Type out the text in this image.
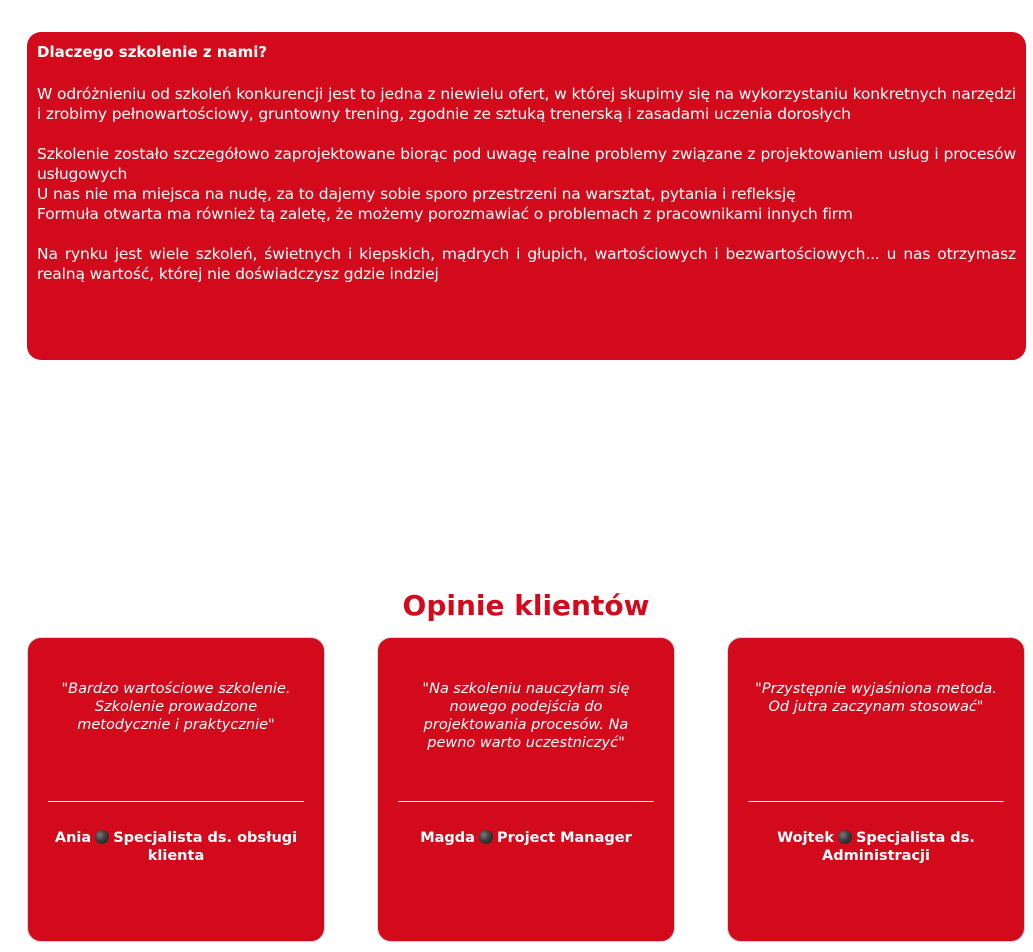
Dlaczego szkolenie z nami?

W odróżnieniu od szkoleń konkurencji jest to jedna z niewielu ofert, w której skupimy się na wykorzystaniu konkretnych narzędzi i zrobimy pełnowartościowy, gruntowny trening, zgodnie ze sztuką trenerską i zasadami uczenia dorosłych

Szkolenie zostało szczegółowo zaprojektowane biorąc pod uwagę realne problemy związane z projektowaniem usług i procesów usługowych

U nas nie ma miejsca na nudę, za to dajemy sobie sporo przestrzeni na warsztat, pytania i refleksję

Formuła otwarta ma również tą zaletę, że możemy porozmawiać o problemach z pracownikami innych firm

Na rynku jest wiele szkoleń, świetnych i kiepskich, mądrych i głupich, wartościowych i bezwartościowych... u nas otrzymasz realną wartość, której nie doświadczysz gdzie indziej

Opinie klientów
"Bardzo wartościowe szkolenie. Szkolenie prowadzone metodycznie i praktycznie"
Ania Specjalista ds. obsługi klienta
"Na szkoleniu nauczyłam się nowego podejścia do projektowania procesów. Na pewno warto uczestniczyć"
Magda Project Manager
"Przystępnie wyjaśniona metoda. Od jutra zaczynam stosować"
Wojtek Specjalista ds. Administracji
